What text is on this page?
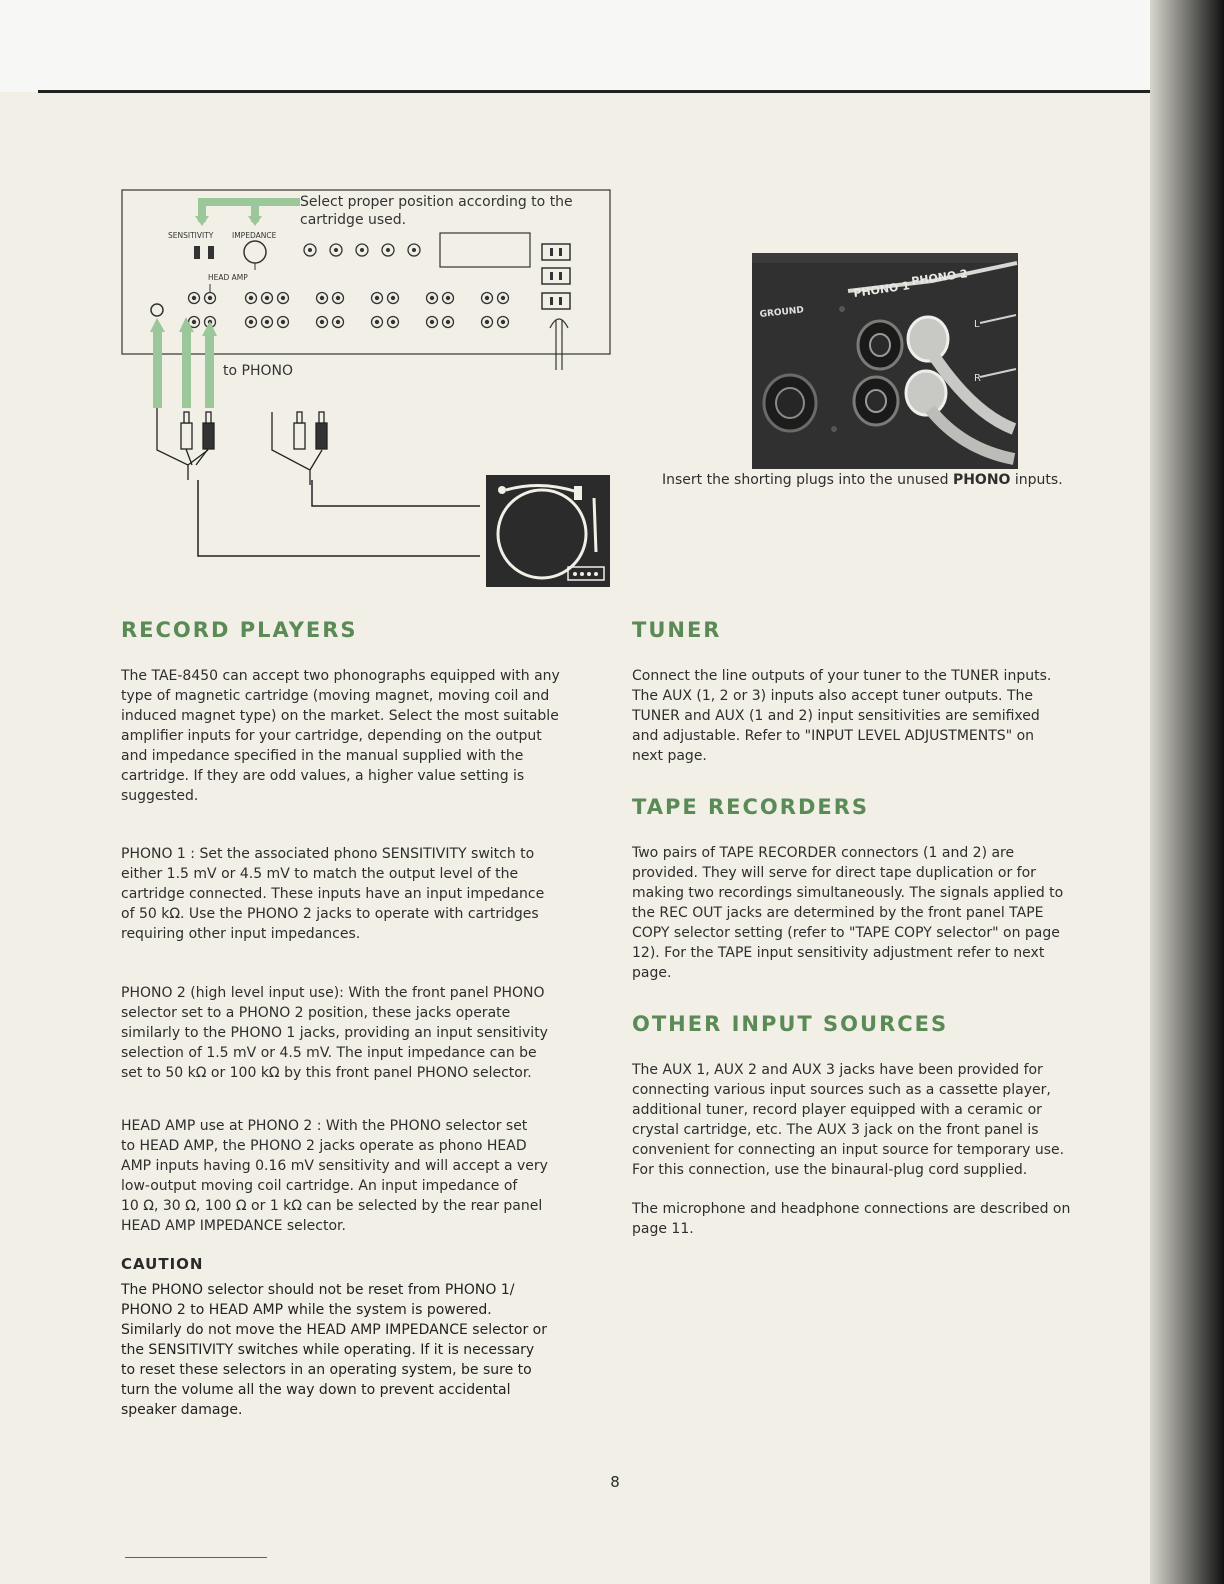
Select proper position according to the
cartridge used.
SENSITIVITY IMPEDANCE
HEAD AMP
to PHONO
PHONO 1
PHONO 2
GROUND
L
R

Insert the shorting plugs into the unused PHONO inputs.

RECORD PLAYERS
The TAE-8450 can accept two phonographs equipped with any
type of magnetic cartridge (moving magnet, moving coil and
induced magnet type) on the market. Select the most suitable
amplifier inputs for your cartridge, depending on the output
and impedance specified in the manual supplied with the
cartridge. If they are odd values, a higher value setting is
suggested.
PHONO 1 : Set the associated phono SENSITIVITY switch to
either 1.5 mV or 4.5 mV to match the output level of the
cartridge connected. These inputs have an input impedance
of 50 kΩ. Use the PHONO 2 jacks to operate with cartridges
requiring other input impedances.
PHONO 2 (high level input use): With the front panel PHONO
selector set to a PHONO 2 position, these jacks operate
similarly to the PHONO 1 jacks, providing an input sensitivity
selection of 1.5 mV or 4.5 mV. The input impedance can be
set to 50 kΩ or 100 kΩ by this front panel PHONO selector.
HEAD AMP use at PHONO 2 : With the PHONO selector set
to HEAD AMP, the PHONO 2 jacks operate as phono HEAD
AMP inputs having 0.16 mV sensitivity and will accept a very
low-output moving coil cartridge. An input impedance of
10 Ω, 30 Ω, 100 Ω or 1 kΩ can be selected by the rear panel
HEAD AMP IMPEDANCE selector.
CAUTION
The PHONO selector should not be reset from PHONO 1/
PHONO 2 to HEAD AMP while the system is powered.
Similarly do not move the HEAD AMP IMPEDANCE selector or
the SENSITIVITY switches while operating. If it is necessary
to reset these selectors in an operating system, be sure to
turn the volume all the way down to prevent accidental
speaker damage.
TUNER
Connect the line outputs of your tuner to the TUNER inputs.
The AUX (1, 2 or 3) inputs also accept tuner outputs. The
TUNER and AUX (1 and 2) input sensitivities are semifixed
and adjustable. Refer to "INPUT LEVEL ADJUSTMENTS" on
next page.
TAPE RECORDERS
Two pairs of TAPE RECORDER connectors (1 and 2) are
provided. They will serve for direct tape duplication or for
making two recordings simultaneously. The signals applied to
the REC OUT jacks are determined by the front panel TAPE
COPY selector setting (refer to "TAPE COPY selector" on page
12). For the TAPE input sensitivity adjustment refer to next
page.
OTHER INPUT SOURCES
The AUX 1, AUX 2 and AUX 3 jacks have been provided for
connecting various input sources such as a cassette player,
additional tuner, record player equipped with a ceramic or
crystal cartridge, etc. The AUX 3 jack on the front panel is
convenient for connecting an input source for temporary use.
For this connection, use the binaural-plug cord supplied.
The microphone and headphone connections are described on
page 11.
8
